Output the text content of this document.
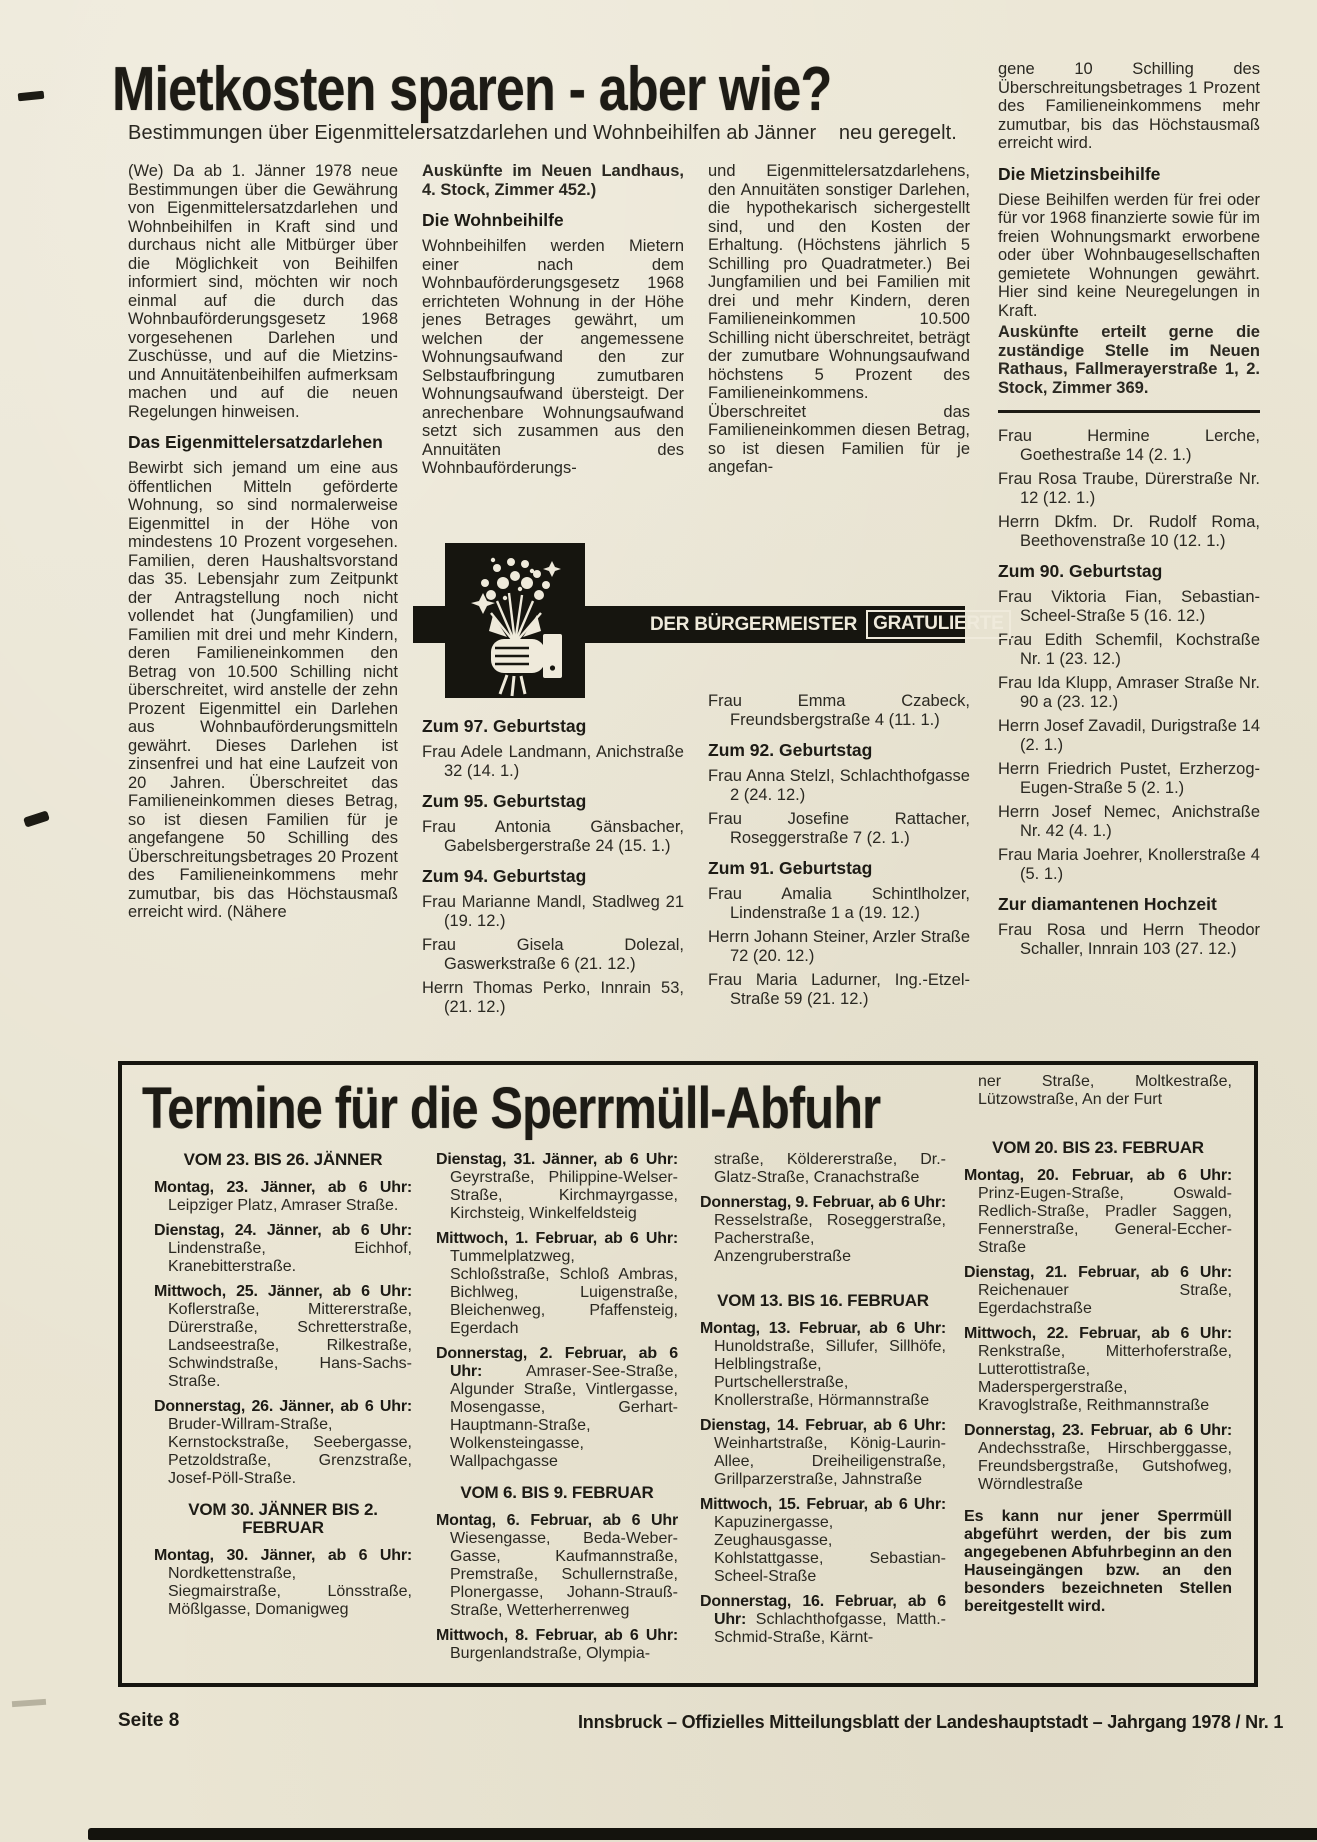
Mietkosten sparen - aber wie?
Bestimmungen über Eigenmittelersatzdarlehen und Wohnbeihilfen ab Jänner    neu geregelt.

(We) Da ab 1. Jänner 1978 neue Bestimmungen über die Gewährung von Eigenmittelersatzdarlehen und Wohnbeihilfen in Kraft sind und durchaus nicht alle Mitbürger über die Möglichkeit von Beihilfen informiert sind, möchten wir noch einmal auf die durch das Wohnbauförderungsgesetz 1968 vorgesehenen Darlehen und Zuschüsse, und auf die Mietzins- und Annuitätenbeihilfen aufmerksam machen und auf die neuen Regelungen hinweisen.

Das Eigenmittelersatzdarlehen

Bewirbt sich jemand um eine aus öffentlichen Mitteln geförderte Wohnung, so sind normalerweise Eigenmittel in der Höhe von mindestens 10 Prozent vorgesehen. Familien, deren Haushaltsvorstand das 35. Lebensjahr zum Zeitpunkt der Antragstellung noch nicht vollendet hat (Jungfamilien) und Familien mit drei und mehr Kindern, deren Familieneinkommen den Betrag von 10.500 Schilling nicht überschreitet, wird anstelle der zehn Prozent Eigenmittel ein Darlehen aus Wohnbauförderungsmitteln gewährt. Dieses Darlehen ist zinsenfrei und hat eine Laufzeit von 20 Jahren. Überschreitet das Familieneinkommen dieses Betrag, so ist diesen Familien für je angefangene 50 Schilling des Überschreitungsbetrages 20 Prozent des Familieneinkommens mehr zumutbar, bis das Höchstausmaß erreicht wird. (Nähere

Auskünfte im Neuen Landhaus, 4. Stock, Zimmer 452.)

Die Wohnbeihilfe

Wohnbeihilfen werden Mietern einer nach dem Wohnbauförderungsgesetz 1968 errichteten Wohnung in der Höhe jenes Betrages gewährt, um welchen der angemessene Wohnungsaufwand den zur Selbstaufbringung zumutbaren Wohnungsaufwand übersteigt. Der anrechenbare Wohnungsaufwand setzt sich zusammen aus den Annuitäten des Wohnbauförderungs-

und Eigenmittelersatzdarlehens, den Annuitäten sonstiger Darlehen, die hypothekarisch sichergestellt sind, und den Kosten der Erhaltung. (Höchstens jährlich 5 Schilling pro Quadratmeter.) Bei Jungfamilien und bei Familien mit drei und mehr Kindern, deren Familieneinkommen 10.500 Schilling nicht überschreitet, beträgt der zumutbare Wohnungsaufwand höchstens 5 Prozent des Familieneinkommens. Überschreitet das Familieneinkommen diesen Betrag, so ist diesen Familien für je angefan-

gene 10 Schilling des Überschreitungsbetrages 1 Prozent des Familieneinkommens mehr zumutbar, bis das Höchstausmaß erreicht wird.

Die Mietzinsbeihilfe

Diese Beihilfen werden für frei oder für vor 1968 finanzierte sowie für im freien Wohnungsmarkt erworbene oder über Wohnbaugesellschaften gemietete Wohnungen gewährt. Hier sind keine Neuregelungen in Kraft.

Auskünfte erteilt gerne die zuständige Stelle im Neuen Rathaus, Fallmerayerstraße 1, 2. Stock, Zimmer 369.

Frau Hermine Lerche, Goethestraße 14 (2. 1.)

Frau Rosa Traube, Dürerstraße Nr. 12 (12. 1.)

Herrn Dkfm. Dr. Rudolf Roma, Beethovenstraße 10 (12. 1.)

Zum 90. Geburtstag

Frau Viktoria Fian, Sebastian-Scheel-Straße 5 (16. 12.)

Frau Edith Schemfil, Kochstraße Nr. 1 (23. 12.)

Frau Ida Klupp, Amraser Straße Nr. 90 a (23. 12.)

Herrn Josef Zavadil, Durigstraße 14 (2. 1.)

Herrn Friedrich Pustet, Erzherzog-Eugen-Straße 5 (2. 1.)

Herrn Josef Nemec, Anichstraße Nr. 42 (4. 1.)

Frau Maria Joehrer, Knollerstraße 4 (5. 1.)

Zur diamantenen Hochzeit

Frau Rosa und Herrn Theodor Schaller, Innrain 103 (27. 12.)

DER BÜRGERMEISTER GRATULIERTE
Zum 97. Geburtstag

Frau Adele Landmann, Anichstraße 32 (14. 1.)

Zum 95. Geburtstag

Frau Antonia Gänsbacher, Gabelsbergerstraße 24 (15. 1.)

Zum 94. Geburtstag

Frau Marianne Mandl, Stadlweg 21 (19. 12.)

Frau Gisela Dolezal, Gaswerkstraße 6 (21. 12.)

Herrn Thomas Perko, Innrain 53, (21. 12.)

Frau Emma Czabeck, Freundsbergstraße 4 (11. 1.)

Zum 92. Geburtstag

Frau Anna Stelzl, Schlachthofgasse 2 (24. 12.)

Frau Josefine Rattacher, Roseggerstraße 7 (2. 1.)

Zum 91. Geburtstag

Frau Amalia Schintlholzer, Lindenstraße 1 a (19. 12.)

Herrn Johann Steiner, Arzler Straße 72 (20. 12.)

Frau Maria Ladurner, Ing.-Etzel-Straße 59 (21. 12.)

Termine für die Sperrmüll-Abfuhr

VOM 23. BIS 26. JÄNNER

Montag, 23. Jänner, ab 6 Uhr: Leipziger Platz, Amraser Straße.

Dienstag, 24. Jänner, ab 6 Uhr: Lindenstraße, Eichhof, Kranebitterstraße.

Mittwoch, 25. Jänner, ab 6 Uhr: Koflerstraße, Mittererstraße, Dürerstraße, Schretterstraße, Landseestraße, Rilkestraße, Schwindstraße, Hans-Sachs-Straße.

Donnerstag, 26. Jänner, ab 6 Uhr: Bruder-Willram-Straße, Kernstockstraße, Seebergasse, Petzoldstraße, Grenzstraße, Josef-Pöll-Straße.

VOM 30. JÄNNER BIS 2. FEBRUAR

Montag, 30. Jänner, ab 6 Uhr: Nordkettenstraße, Siegmairstraße, Lönsstraße, Mößlgasse, Domanigweg

Dienstag, 31. Jänner, ab 6 Uhr: Geyrstraße, Philippine-Welser-Straße, Kirchmayrgasse, Kirchsteig, Winkelfeldsteig

Mittwoch, 1. Februar, ab 6 Uhr: Tummelplatzweg, Schloßstraße, Schloß Ambras, Bichlweg, Luigenstraße, Bleichenweg, Pfaffensteig, Egerdach

Donnerstag, 2. Februar, ab 6 Uhr:	Amraser-See-Straße, Algunder Straße, Vintlergasse, Mosengasse, Gerhart-Hauptmann-Straße, Wolkensteingasse, Wallpachgasse

VOM 6. BIS 9. FEBRUAR

Montag, 6. Februar, ab 6 Uhr Wiesengasse, Beda-Weber-Gasse, Kaufmannstraße, Premstraße, Schullernstraße, Plonergasse, Johann-Strauß-Straße, Wetterherrenweg

Mittwoch, 8. Februar, ab 6 Uhr: Burgenlandstraße, Olympia-

straße, Köldererstraße, Dr.-Glatz-Straße, Cranachstraße

Donnerstag, 9. Februar, ab 6 Uhr: Resselstraße, Roseggerstraße, Pacherstraße, Anzengruberstraße

VOM 13. BIS 16. FEBRUAR

Montag, 13. Februar, ab 6 Uhr: Hunoldstraße, Sillufer, Sillhöfe, Helblingstraße, Purtschellerstraße, Knollerstraße, Hörmannstraße

Dienstag, 14. Februar, ab 6 Uhr: Weinhartstraße, König-Laurin-Allee, Dreiheiligenstraße, Grillparzerstraße, Jahnstraße

Mittwoch, 15. Februar, ab 6 Uhr: Kapuzinergasse, Zeughausgasse, Kohlstattgasse, Sebastian-Scheel-Straße

Donnerstag, 16. Februar, ab 6 Uhr: Schlachthofgasse, Matth.-Schmid-Straße, Kärnt-

ner Straße, Moltkestraße, Lützowstraße, An der Furt

VOM 20. BIS 23. FEBRUAR

Montag, 20. Februar, ab 6 Uhr: Prinz-Eugen-Straße, Oswald-Redlich-Straße, Pradler Saggen, Fennerstraße, General-Eccher-Straße

Dienstag, 21. Februar, ab 6 Uhr: Reichenauer Straße, Egerdachstraße

Mittwoch, 22. Februar, ab 6 Uhr: Renkstraße, Mitterhoferstraße, Lutterottistraße, Maderspergerstraße, Kravoglstraße, Reithmannstraße

Donnerstag, 23. Februar, ab 6 Uhr: Andechsstraße, Hirschberggasse, Freundsbergstraße, Gutshofweg, Wörndlestraße

Es kann nur jener Sperrmüll abgeführt werden, der bis zum angegebenen Abfuhrbeginn an den Hauseingängen bzw. an den besonders bezeichneten Stellen bereitgestellt wird.

Seite 8	Innsbruck – Offizielles Mitteilungsblatt der Landeshauptstadt – Jahrgang 1978 / Nr. 1
